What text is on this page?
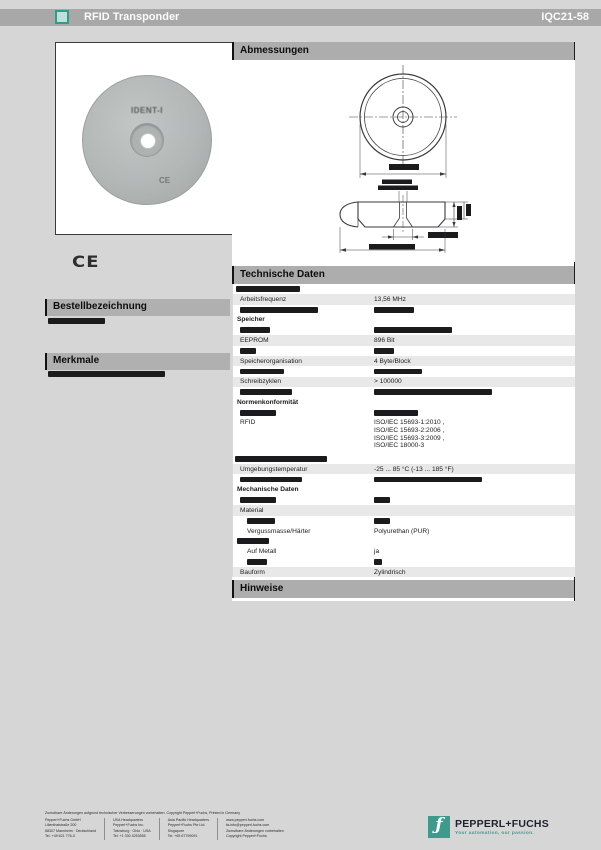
RFID Transponder	IQC21-58
IDENT-I
CE
CE
Bestellbezeichnung
Merkmale
Abmessungen
Technische Daten
Arbeitsfrequenz	13,56 MHz
Speicher
EEPROM	896 Bit
Speicherorganisation	4 Byte/Block
Schreibzyklen	> 100000
Normenkonformität
RFID	ISO/IEC 15693-1:2010 ,
ISO/IEC 15693-2:2006 ,
ISO/IEC 15693-3:2009 ,
ISO/IEC 18000-3
Umgebungstemperatur	-25 ... 85 °C (-13 ... 185 °F)
Mechanische Daten
Material
Vergussmasse/Härter	Polyurethan (PUR)
Auf Metall	ja
Bauform	Zylindrisch
Hinweise
Zumutbare Änderungen aufgrund technischer Verbesserungen vorbehalten. Copyright Pepperl+Fuchs, Printed in Germany
Pepperl+Fuchs GmbH
Lilienthalstraße 200
68307 Mannheim · Deutschland
Tel. +49 621 776-0
USA Headquarters
Pepperl+Fuchs Inc.
Twinsburg · Ohio · USA
Tel. +1 330 4253555
Asia Pacific Headquarters
Pepperl+Fuchs Pte Ltd.
Singapore
Tel. +65 67799091
www.pepperl-fuchs.com
fa-info@pepperl-fuchs.com
Zumutbare Änderungen vorbehalten
Copyright Pepperl+Fuchs
ƒ	PEPPERL+FUCHS
Your automation, our passion.
